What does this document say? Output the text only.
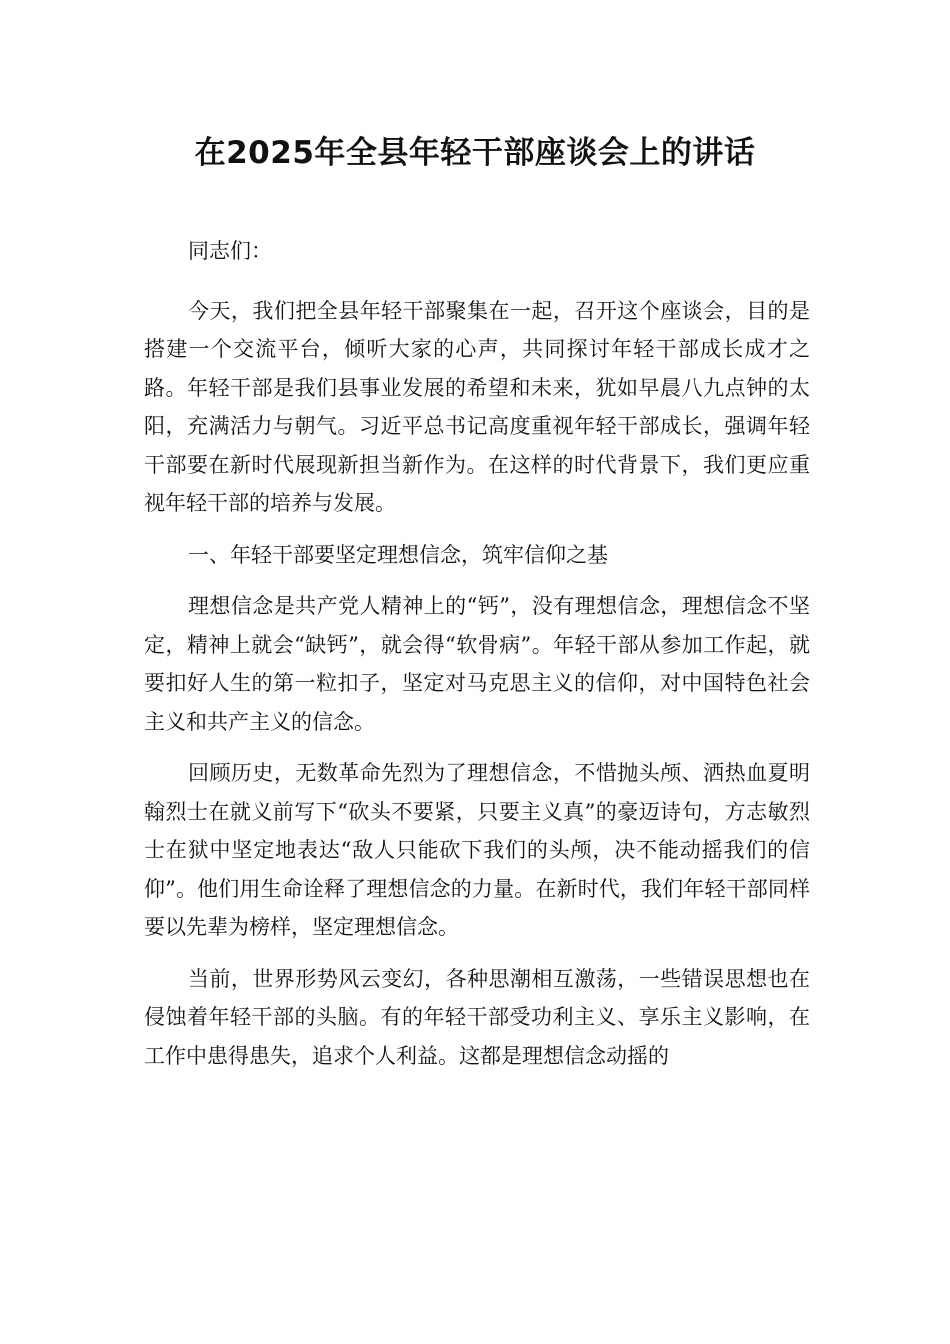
在2025年全县年轻干部座谈会上的讲话

同志们：

今天，我们把全县年轻干部聚集在一起，召开这个座谈会，目的是搭建一个交流平台，倾听大家的心声，共同探讨年轻干部成长成才之路。年轻干部是我们县事业发展的希望和未来，犹如早晨八九点钟的太阳，充满活力与朝气。习近平总书记高度重视年轻干部成长，强调年轻干部要在新时代展现新担当新作为。在这样的时代背景下，我们更应重视年轻干部的培养与发展。

一、年轻干部要坚定理想信念，筑牢信仰之基

理想信念是共产党人精神上的“钙”，没有理想信念，理想信念不坚定，精神上就会“缺钙”，就会得“软骨病”。年轻干部从参加工作起，就要扣好人生的第一粒扣子，坚定对马克思主义的信仰，对中国特色社会主义和共产主义的信念。

回顾历史，无数革命先烈为了理想信念，不惜抛头颅、洒热血夏明翰烈士在就义前写下“砍头不要紧，只要主义真”的豪迈诗句，方志敏烈士在狱中坚定地表达“敌人只能砍下我们的头颅，决不能动摇我们的信仰”。他们用生命诠释了理想信念的力量。在新时代，我们年轻干部同样要以先辈为榜样，坚定理想信念。

当前，世界形势风云变幻，各种思潮相互激荡，一些错误思想也在侵蚀着年轻干部的头脑。有的年轻干部受功利主义、享乐主义影响，在工作中患得患失，追求个人利益。这都是理想信念动摇的
